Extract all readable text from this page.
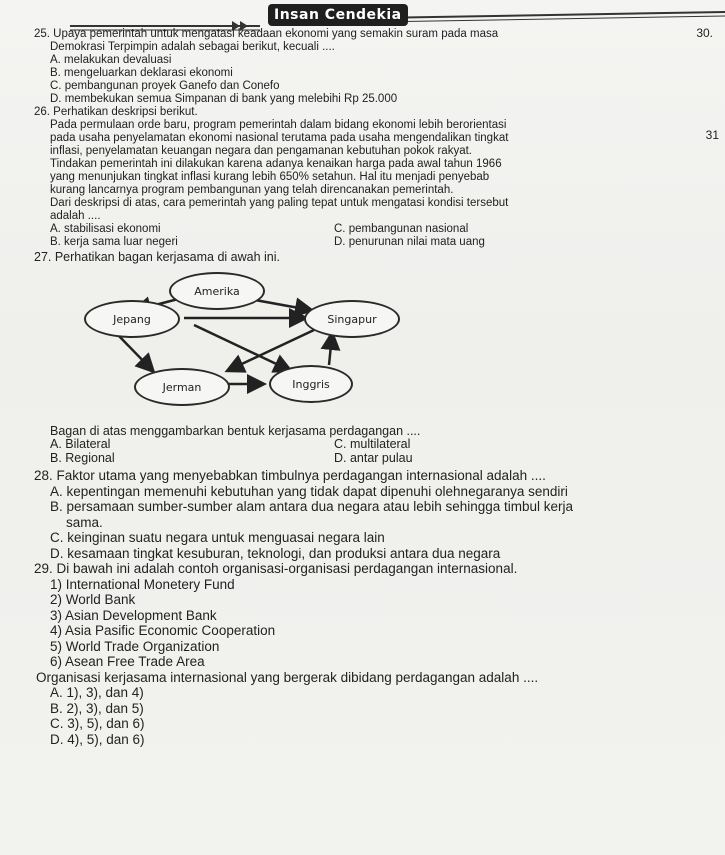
Insan Cendekia
30.
31
25. Upaya pemerintah untuk mengatasi keadaan ekonomi yang semakin suram pada masa
Demokrasi Terpimpin adalah sebagai berikut, kecuali ....
A. melakukan devaluasi
B. mengeluarkan deklarasi ekonomi
C. pembangunan proyek Ganefo dan Conefo
D. membekukan semua Simpanan di bank yang melebihi Rp 25.000
26. Perhatikan deskripsi berikut.
Pada permulaan orde baru, program pemerintah dalam bidang ekonomi lebih berorientasi
pada usaha penyelamatan ekonomi nasional terutama pada usaha mengendalikan tingkat
inflasi, penyelamatan keuangan negara dan pengamanan kebutuhan pokok rakyat.
Tindakan pemerintah ini dilakukan karena adanya kenaikan harga pada awal tahun 1966
yang menunjukan tingkat inflasi kurang lebih 650% setahun. Hal itu menjadi penyebab
kurang lancarnya program pembangunan yang telah direncanakan pemerintah.
Dari deskripsi di atas, cara pemerintah yang paling tepat untuk mengatasi kondisi tersebut
adalah ....
A. stabilisasi ekonomi	C. pembangunan nasional
B. kerja sama luar negeri	D. penurunan nilai mata uang
27. Perhatikan bagan kerjasama di awah ini.
Amerika
Jepang	Singapur
Jerman	Inggris
Bagan di atas menggambarkan bentuk kerjasama perdagangan ....
A. Bilateral	C. multilateral
B. Regional	D. antar pulau
28. Faktor utama yang menyebabkan timbulnya perdagangan internasional adalah ....
A. kepentingan memenuhi kebutuhan yang tidak dapat dipenuhi olehnegaranya sendiri
B. persamaan sumber-sumber alam antara dua negara atau lebih sehingga timbul kerja
sama.
C. keinginan suatu negara untuk menguasai negara lain
D. kesamaan tingkat kesuburan, teknologi, dan produksi antara dua negara
29. Di bawah ini adalah contoh organisasi-organisasi perdagangan internasional.
1) International Monetery Fund
2) World Bank
3) Asian Development Bank
4) Asia Pasific Economic Cooperation
5) World Trade Organization
6) Asean Free Trade Area
Organisasi kerjasama internasional yang bergerak dibidang perdagangan adalah ....
A. 1), 3), dan 4)
B. 2), 3), dan 5)
C. 3), 5), dan 6)
D. 4), 5), dan 6)
